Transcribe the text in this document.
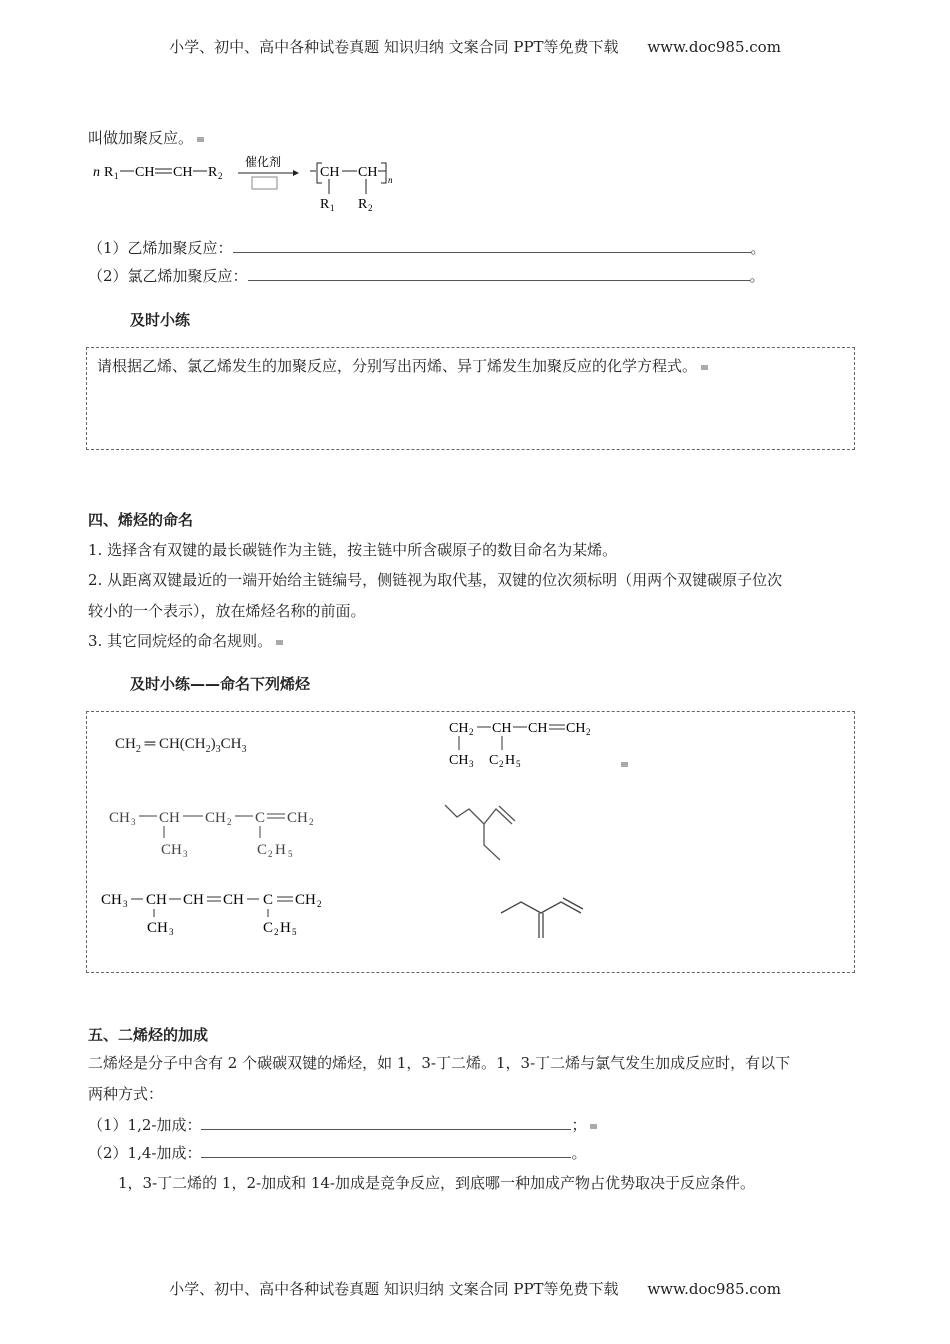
小学、初中、高中各种试卷真题 知识归纳 文案合同 PPT等免费下载 www.doc985.com
叫做加聚反应。
n R 1 CH CH R 2
催化剂
CH CH n
R 1 R 2
（1）乙烯加聚反应：	。
（2）氯乙烯加聚反应：	。
及时小练
请根据乙烯、氯乙烯发生的加聚反应，分别写出丙烯、异丁烯发生加聚反应的化学方程式。
四、烯烃的命名
1. 选择含有双键的最长碳链作为主链，按主链中所含碳原子的数目命名为某烯。
2. 从距离双键最近的一端开始给主链编号，侧链视为取代基，双键的位次须标明（用两个双键碳原子位次
较小的一个表示），放在烯烃名称的前面。
3. 其它同烷烃的命名规则。
及时小练——命名下列烯烃
$CH_2$ ═ $CH(CH_2)_3CH_3$
CH 2 CH CH CH 2
CH 3 C 2 H 5
CH 3 CH CH 2 C CH 2
CH 3	C 2 H 5
CH 3 CH CH CH C CH 2
CH 3	C 2 H 5
五、二烯烃的加成
二烯烃是分子中含有 2 个碳碳双键的烯烃，如 1，3-丁二烯。1，3-丁二烯与氯气发生加成反应时，有以下
两种方式：
（1）1,2-加成：	；
（2）1,4-加成：	。
1，3-丁二烯的 1，2-加成和 14-加成是竞争反应，到底哪一种加成产物占优势取决于反应条件。
小学、初中、高中各种试卷真题 知识归纳 文案合同 PPT等免费下载 www.doc985.com
